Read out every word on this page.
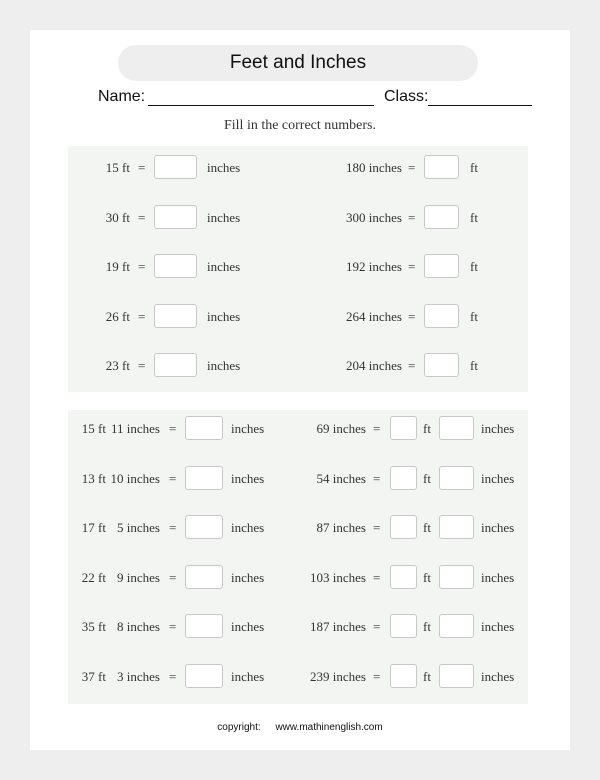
Feet and Inches
Name:	Class:
Fill in the correct numbers.
15 ft =	inches	180 inches =	ft
30 ft =	inches	300 inches =	ft
19 ft =	inches	192 inches =	ft
26 ft =	inches	264 inches =	ft
23 ft =	inches	204 inches =	ft
15 ft 11 inches =	inches	69 inches =	ft	inches
13 ft 10 inches =	inches	54 inches =	ft	inches
17 ft 5 inches =	inches	87 inches =	ft	inches
22 ft 9 inches =	inches	103 inches =	ft	inches
35 ft 8 inches =	inches	187 inches =	ft	inches
37 ft 3 inches =	inches	239 inches =	ft	inches
copyright: www.mathinenglish.com
